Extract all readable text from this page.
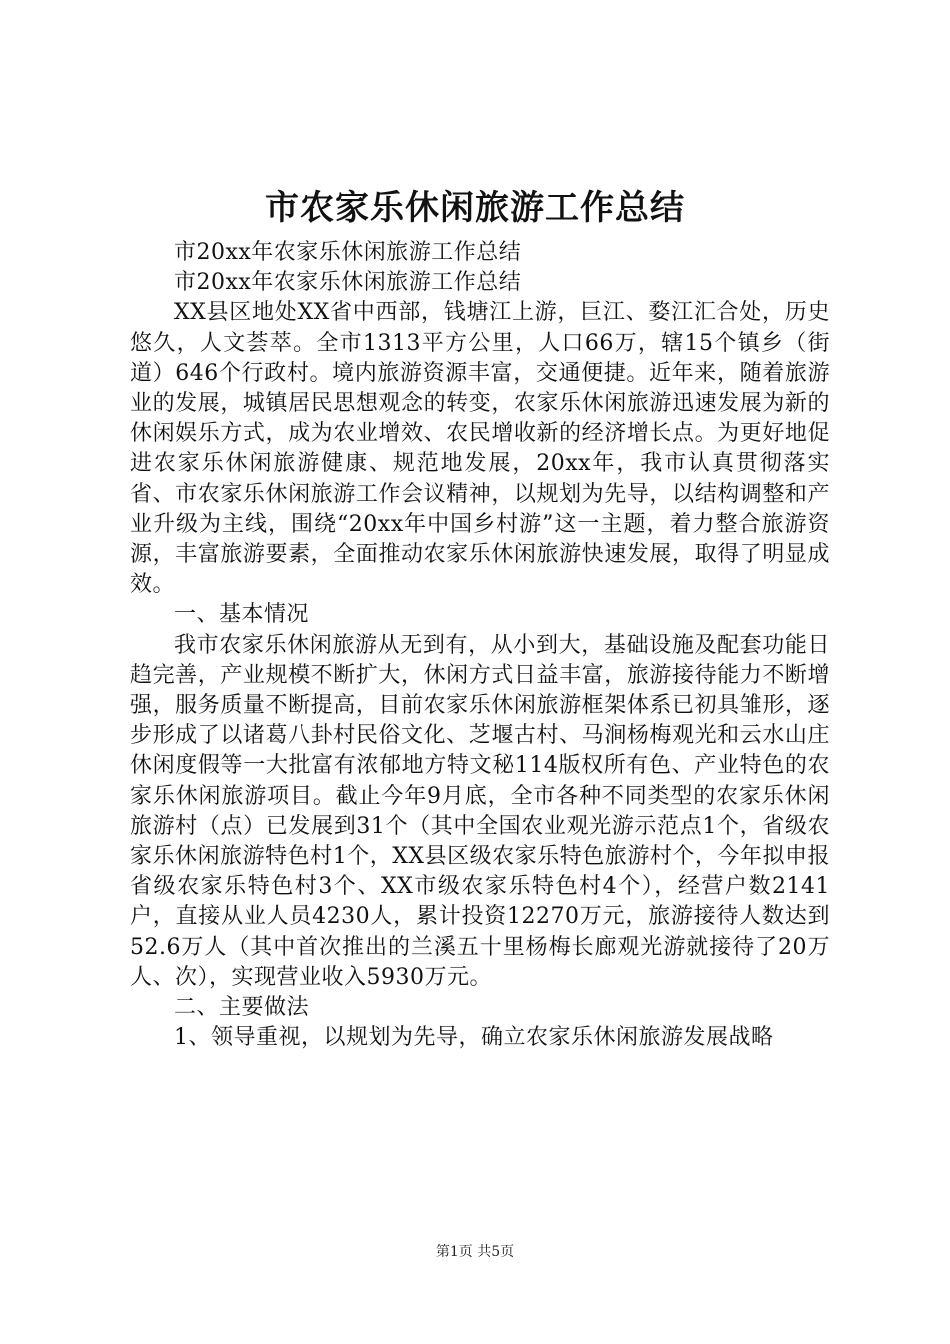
市农家乐休闲旅游工作总结

市20xx年农家乐休闲旅游工作总结

市20xx年农家乐休闲旅游工作总结

XX县区地处XX省中西部，钱塘江上游，巨江、婺江汇合处，历史悠久，人文荟萃。全市1313平方公里，人口66万，辖15个镇乡（街道）646个行政村。境内旅游资源丰富，交通便捷。近年来，随着旅游业的发展，城镇居民思想观念的转变，农家乐休闲旅游迅速发展为新的休闲娱乐方式，成为农业增效、农民增收新的经济增长点。为更好地促进农家乐休闲旅游健康、规范地发展，20xx年，我市认真贯彻落实省、市农家乐休闲旅游工作会议精神，以规划为先导，以结构调整和产业升级为主线，围绕“20xx年中国乡村游”这一主题，着力整合旅游资源，丰富旅游要素，全面推动农家乐休闲旅游快速发展，取得了明显成效。

一、基本情况

我市农家乐休闲旅游从无到有，从小到大，基础设施及配套功能日趋完善，产业规模不断扩大，休闲方式日益丰富，旅游接待能力不断增强，服务质量不断提高，目前农家乐休闲旅游框架体系已初具雏形，逐步形成了以诸葛八卦村民俗文化、芝堰古村、马涧杨梅观光和云水山庄休闲度假等一大批富有浓郁地方特文秘114版权所有色、产业特色的农家乐休闲旅游项目。截止今年9月底，全市各种不同类型的农家乐休闲旅游村（点）已发展到31个（其中全国农业观光游示范点1个，省级农家乐休闲旅游特色村1个，XX县区级农家乐特色旅游村个，今年拟申报省级农家乐特色村3个、XX市级农家乐特色村4个），经营户数2141户，直接从业人员4230人，累计投资12270万元，旅游接待人数达到52.6万人（其中首次推出的兰溪五十里杨梅长廊观光游就接待了20万人、次），实现营业收入5930万元。

二、主要做法

1、领导重视，以规划为先导，确立农家乐休闲旅游发展战略

第1页 共5页
